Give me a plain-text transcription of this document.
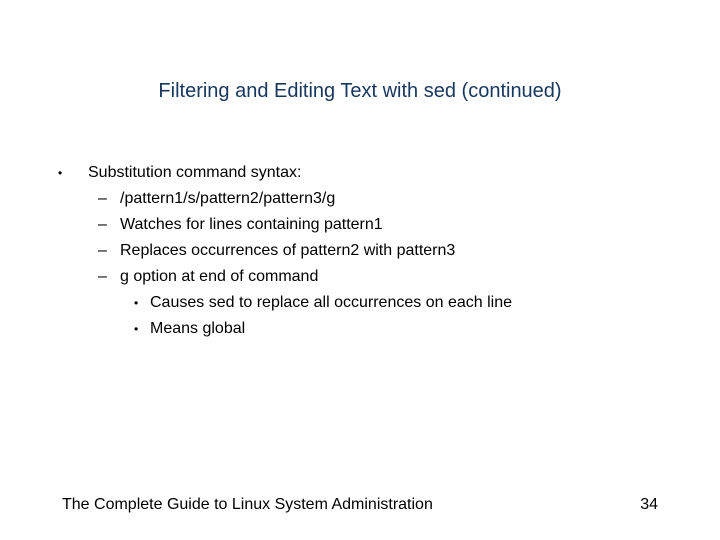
Filtering and Editing Text with sed (continued)
• Substitution command syntax:
– /pattern1/s/pattern2/pattern3/g
– Watches for lines containing pattern1
– Replaces occurrences of pattern2 with pattern3
– g option at end of command
• Causes sed to replace all occurrences on each line
• Means global
The Complete Guide to Linux System Administration	34
